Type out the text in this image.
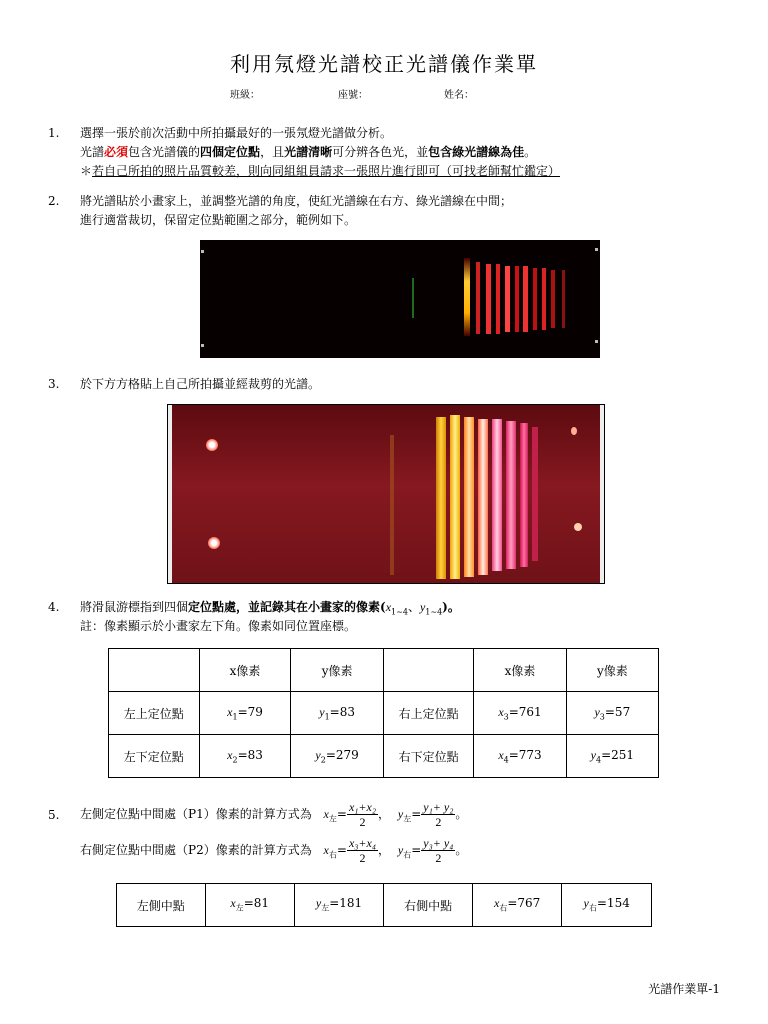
利用氖燈光譜校正光譜儀作業單
班級：	座號：	姓名：
1. 選擇一張於前次活動中所拍攝最好的一張氖燈光譜做分析。
光譜必須包含光譜儀的四個定位點，且光譜清晰可分辨各色光，並包含綠光譜線為佳。
＊若自己所拍的照片品質較差，則向同組組員請求一張照片進行即可（可找老師幫忙鑑定）
2. 將光譜貼於小畫家上，並調整光譜的角度，使紅光譜線在右方、綠光譜線在中間；
進行適當裁切，保留定位點範圍之部分，範例如下。
3. 於下方方格貼上自己所拍攝並經裁剪的光譜。
4. 將滑鼠游標指到四個定位點處，並記錄其在小畫家的像素($x_{1\sim 4}$、$y_{1\sim 4}$)。
註：像素顯示於小畫家左下角。像素如同位置座標。
	x像素	y像素		x像素	y像素
左上定位點	$x_1=79$	$y_1=83$	右上定位點	$x_3=761$	$y_3=57$
左下定位點	$x_2=83$	$y_2=279$	右下定位點	$x_4=773$	$y_4=251$
5. 左側定位點中間處（P1）像素的計算方式為 $x_左= \frac{\text{x₁+x₂}}{2}$ ， $y_左= \frac{\text{y₁+ y₂}}{2}$ 。
右側定位點中間處（P2）像素的計算方式為 $x_右= \frac{\text{x₃+x₄}}{2}$ ， $y_右= \frac{\text{y₃+ y₄}}{2}$ 。
左側中點	$x_左=81$	$y_左=181$	右側中點	$x_右=767$	$y_右=154$
光譜作業單-1
